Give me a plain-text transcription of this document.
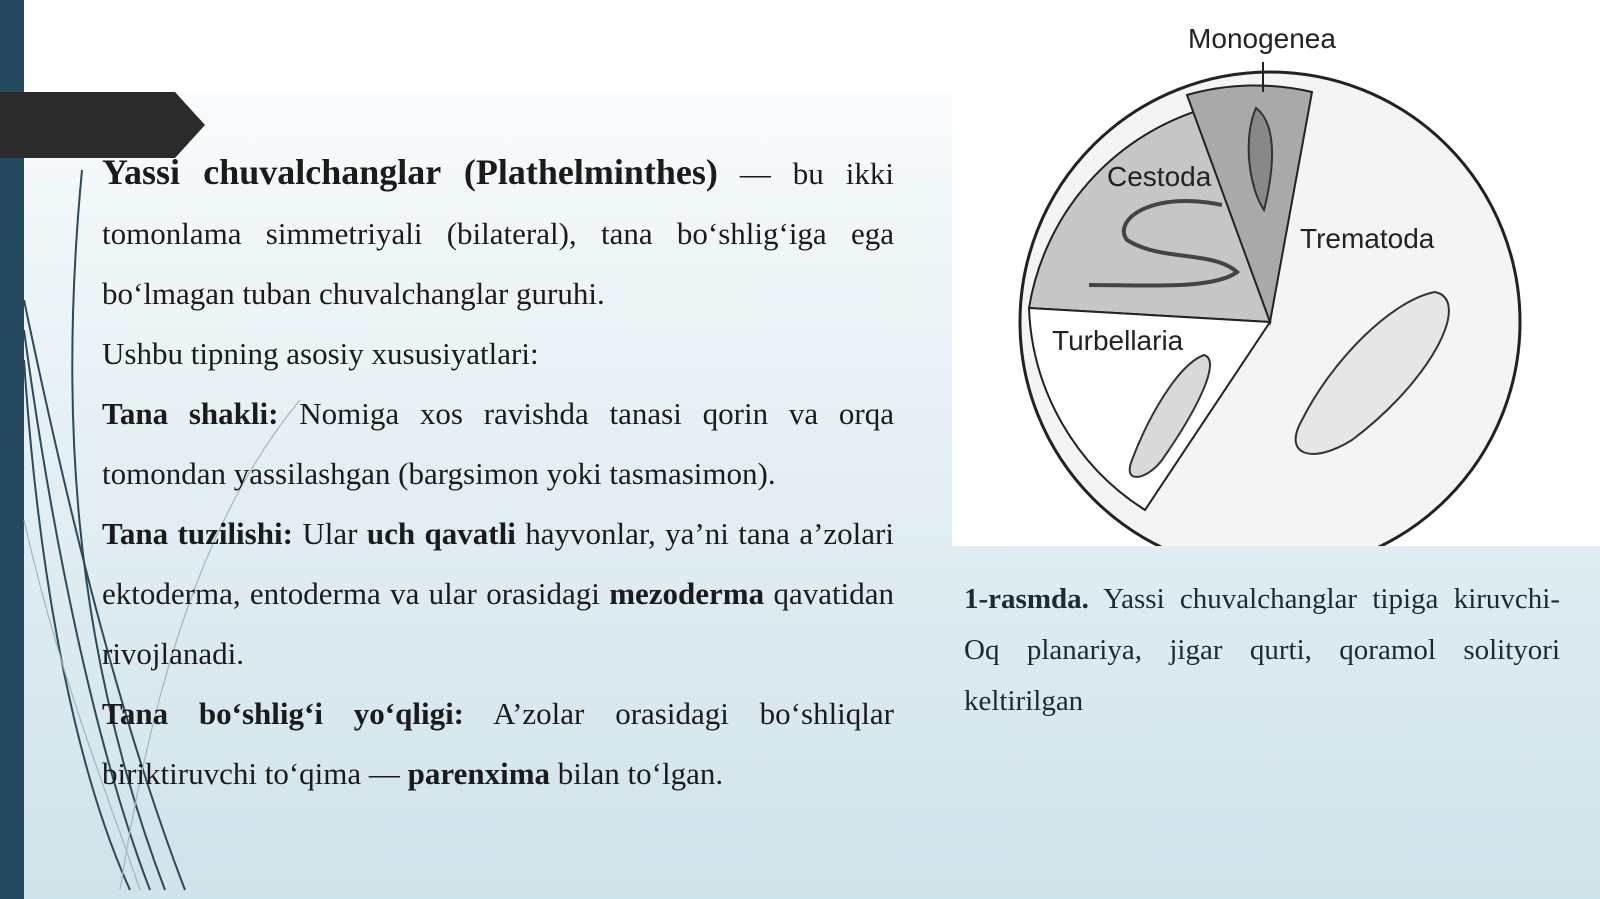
Yassi chuvalchanglar (Plathelminthes) — bu ikki tomonlama simmetriyali (bilateral), tana bo‘shlig‘iga ega bo‘lmagan tuban chuvalchanglar guruhi.

Ushbu tipning asosiy xususiyatlari:

Tana shakli: Nomiga xos ravishda tanasi qorin va orqa tomondan yassilashgan (bargsimon yoki tasmasimon).

Tana tuzilishi: Ular uch qavatli hayvonlar, ya’ni tana a’zolari ektoderma, entoderma va ular orasidagi mezoderma qavatidan rivojlanadi.

Tana bo‘shlig‘i yo‘qligi: A’zolar orasidagi bo‘shliqlar biriktiruvchi to‘qima — parenxima bilan to‘lgan.

Monogenea
Cestoda
Trematoda
Turbellaria

1-rasmda. Yassi chuvalchanglar tipiga kiruvchi- Oq planariya, jigar qurti, qoramol solityori keltirilgan
